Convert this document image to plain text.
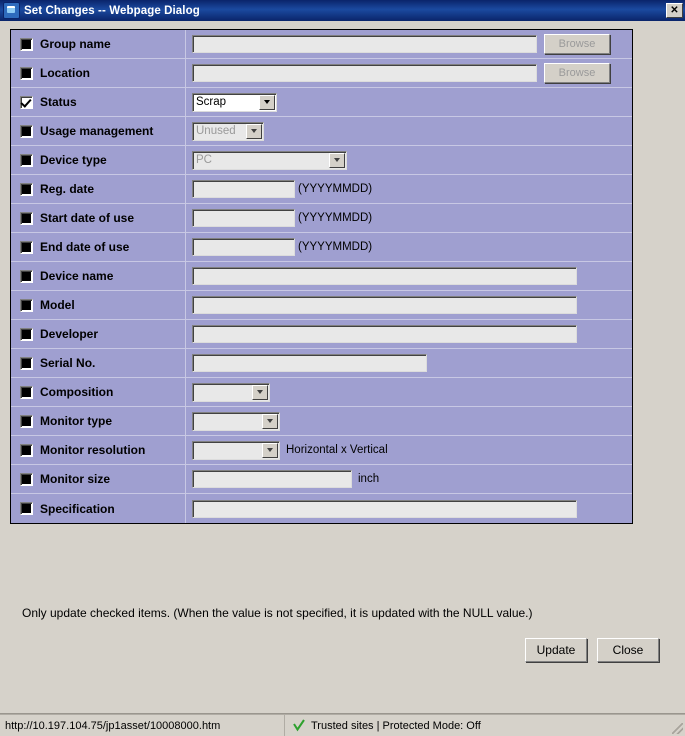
Set Changes -- Webpage Dialog	✕
Group name	Browse
Location	Browse
Status	Scrap
Usage management	Unused
Device type	PC
Reg. date	(YYYYMMDD)
Start date of use	(YYYYMMDD)
End date of use	(YYYYMMDD)
Device name
Model
Developer
Serial No.
Composition
Monitor type
Monitor resolution	Horizontal x Vertical
Monitor size	inch
Specification
Only update checked items. (When the value is not specified, it is updated with the NULL value.)
Update	Close
http://10.197.104.75/jp1asset/10008000.htm	Trusted sites | Protected Mode: Off
